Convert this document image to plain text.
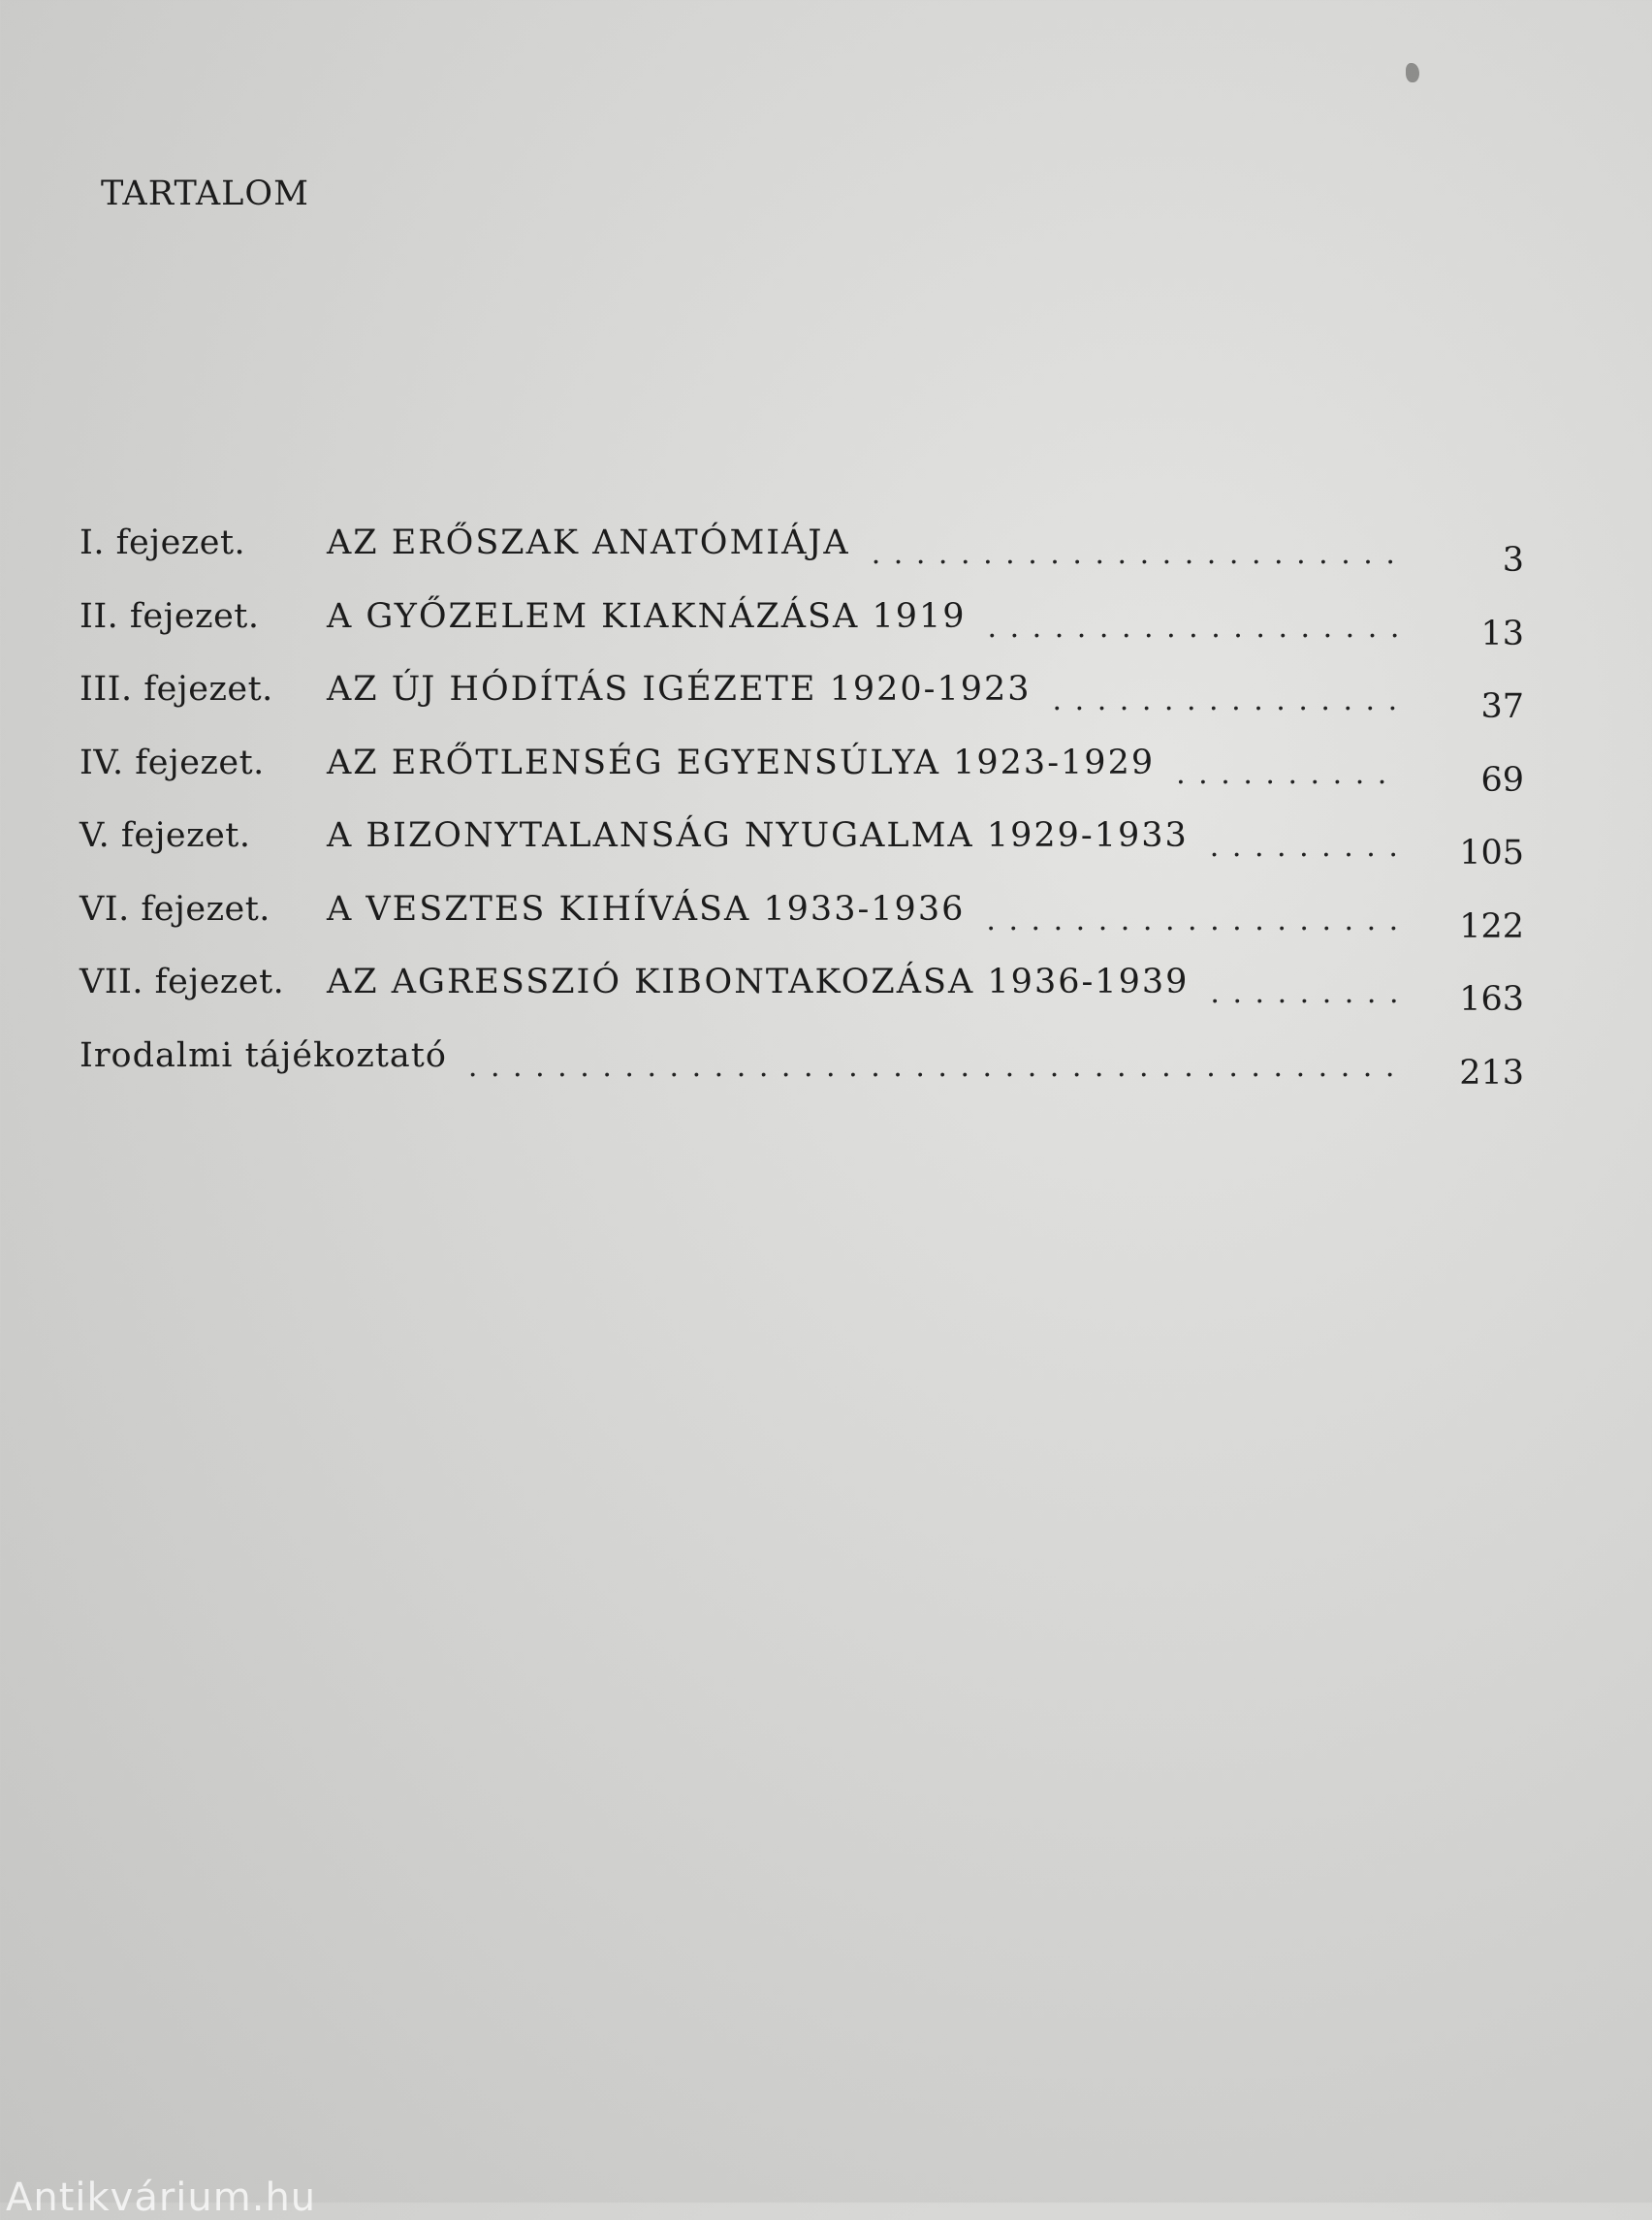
TARTALOM
I. fejezet. AZ ERŐSZAK ANATÓMIÁJA . . .	3
II. fejezet. A GYŐZELEM KIAKNÁZÁSA 1919 . . .	13
III. fejezet. AZ ÚJ HÓDÍTÁS IGÉZETE 1920-1923 . . .	37
IV. fejezet. AZ ERŐTLENSÉG EGYENSÚLYA 1923-1929 . . .	69
V. fejezet. A BIZONYTALANSÁG NYUGALMA 1929-1933 . . .	105
VI. fejezet. A VESZTES KIHÍVÁSA 1933-1936 . . .	122
VII. fejezet. AZ AGRESSZIÓ KIBONTAKOZÁSA 1936-1939 . . .	163
Irodalmi tájékoztató . . .	213
Antikvárium.hu
